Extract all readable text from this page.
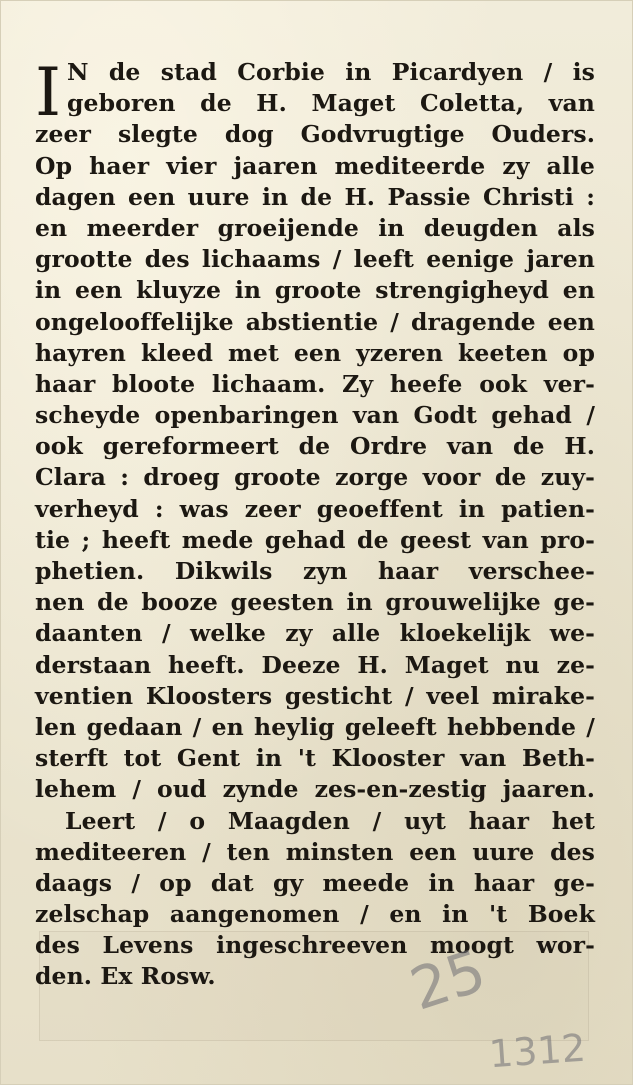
I N de stad Corbie in Picardyen / is
geboren de H. Maget Coletta, van
zeer slegte dog Godvrugtige Ouders.
Op haer vier jaaren mediteerde zy alle
dagen een uure in de H. Passie Christi :
en meerder groeijende in deugden als
grootte des lichaams / leeft eenige jaren
in een kluyze in groote strengigheyd en
ongelooffelijke abstientie / dragende een
hayren kleed met een yzeren keeten op
haar bloote lichaam. Zy heefe ook ver-
scheyde openbaringen van Godt gehad /
ook gereformeert de Ordre van de H.
Clara : droeg groote zorge voor de zuy-
verheyd : was zeer geoeffent in patien-
tie ; heeft mede gehad de geest van pro-
phetien. Dikwils zyn haar verschee-
nen de booze geesten in grouwelijke ge-
daanten / welke zy alle kloekelijk we-
derstaan heeft. Deeze H. Maget nu ze-
ventien Kloosters gesticht / veel mirake-
len gedaan / en heylig geleeft hebbende /
sterft tot Gent in 't Klooster van Beth-
lehem / oud zynde zes-en-zestig jaaren.
Leert / o Maagden / uyt haar het
mediteeren / ten minsten een uure des
daags / op dat gy meede in haar ge-
zelschap aangenomen / en in 't Boek
des Levens ingeschreeven moogt wor-
den. Ex Rosw.	25
1312
